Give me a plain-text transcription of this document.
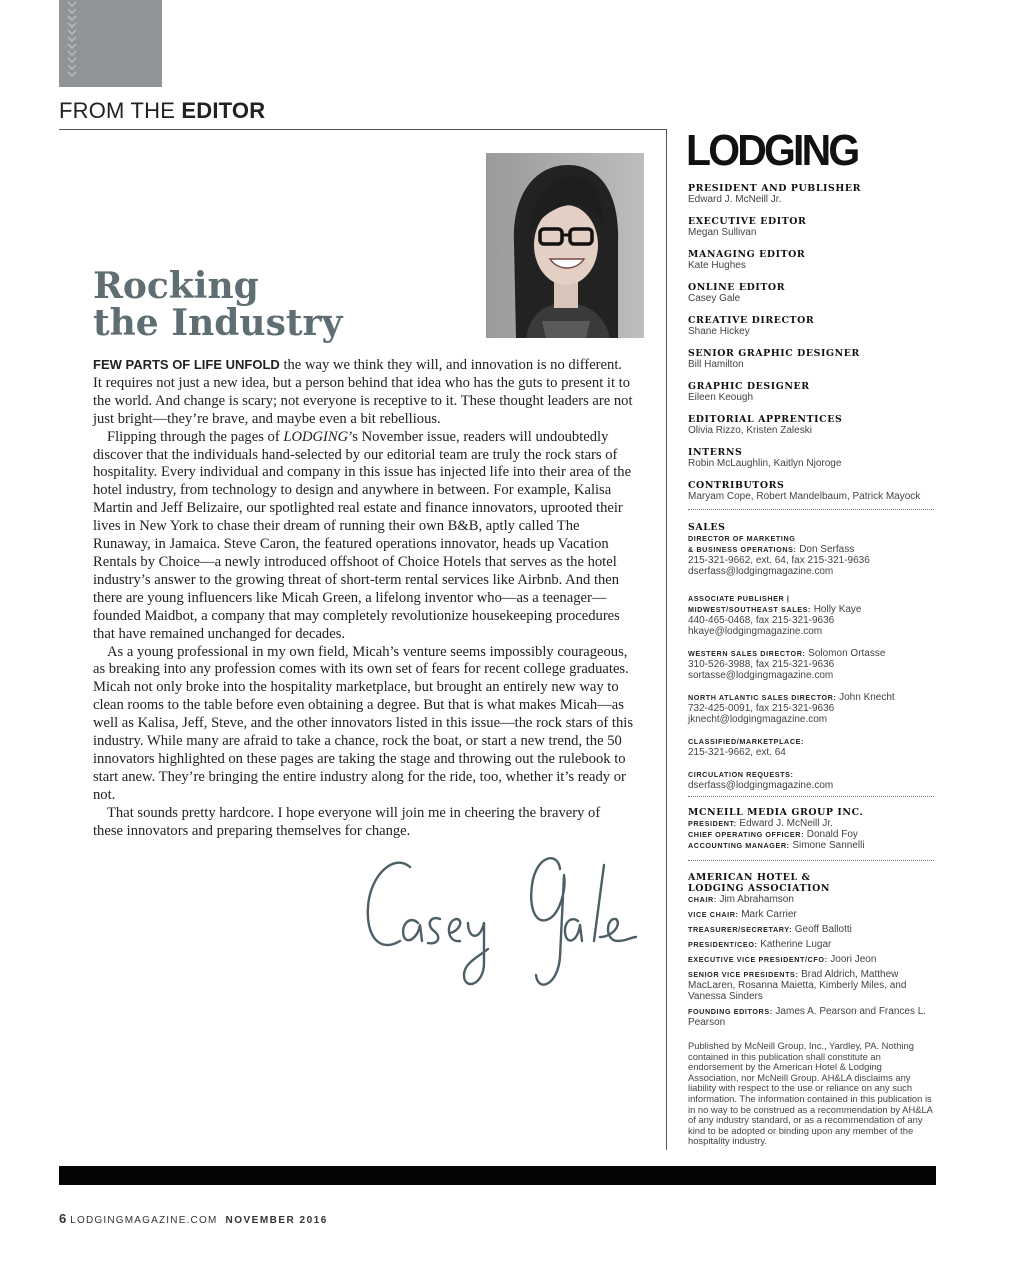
FROM THE EDITOR
Rocking
the Industry

FEW PARTS OF LIFE UNFOLD the way we think they will, and innovation is no different. It requires not just a new idea, but a person behind that idea who has the guts to present it to the world. And change is scary; not everyone is receptive to it. These thought leaders are not just bright—they’re brave, and maybe even a bit rebellious.

Flipping through the pages of LODGING’s November issue, readers will undoubtedly discover that the individuals hand-selected by our editorial team are truly the rock stars of hospitality. Every individual and company in this issue has injected life into their area of the hotel industry, from technology to design and anywhere in between. For example, Kalisa Martin and Jeff Belizaire, our spotlighted real estate and finance innovators, uprooted their lives in New York to chase their dream of running their own B&B, aptly called The Runaway, in Jamaica. Steve Caron, the featured operations innovator, heads up Vacation Rentals by Choice—a newly introduced offshoot of Choice Hotels that serves as the hotel industry’s answer to the growing threat of short-term rental services like Airbnb. And then there are young influencers like Micah Green, a lifelong inventor who—as a teenager—founded Maidbot, a company that may completely revolutionize housekeeping procedures that have remained unchanged for decades.

As a young professional in my own field, Micah’s venture seems impossibly courageous, as breaking into any profession comes with its own set of fears for recent college graduates. Micah not only broke into the hospitality marketplace, but brought an entirely new way to clean rooms to the table before even obtaining a degree. But that is what makes Micah—as well as Kalisa, Jeff, Steve, and the other innovators listed in this issue—the rock stars of this industry. While many are afraid to take a chance, rock the boat, or start a new trend, the 50 innovators highlighted on these pages are taking the stage and throwing out the rulebook to start anew. They’re bringing the entire industry along for the ride, too, whether it’s ready or not.

That sounds pretty hardcore. I hope everyone will join me in cheering the bravery of these innovators and preparing themselves for change.

LODGING
PRESIDENT AND PUBLISHER
Edward J. McNeill Jr.
EXECUTIVE EDITOR
Megan Sullivan
MANAGING EDITOR
Kate Hughes
ONLINE EDITOR
Casey Gale
CREATIVE DIRECTOR
Shane Hickey
SENIOR GRAPHIC DESIGNER
Bill Hamilton
GRAPHIC DESIGNER
Eileen Keough
EDITORIAL APPRENTICES
Olivia Rizzo, Kristen Zaleski
INTERNS
Robin McLaughlin, Kaitlyn Njoroge
CONTRIBUTORS
Maryam Cope, Robert Mandelbaum, Patrick Mayock
SALES
DIRECTOR OF MARKETING
& BUSINESS OPERATIONS: Don Serfass
215-321-9662, ext. 64, fax 215-321-9636
dserfass@lodgingmagazine.com
ASSOCIATE PUBLISHER |
MIDWEST/SOUTHEAST SALES: Holly Kaye
440-465-0468, fax 215-321-9636
hkaye@lodgingmagazine.com
WESTERN SALES DIRECTOR: Solomon Ortasse
310-526-3988, fax 215-321-9636
sortasse@lodgingmagazine.com
NORTH ATLANTIC SALES DIRECTOR: John Knecht
732-425-0091, fax 215-321-9636
jknecht@lodgingmagazine.com
CLASSIFIED/MARKETPLACE:
215-321-9662, ext. 64
CIRCULATION REQUESTS:
dserfass@lodgingmagazine.com
MCNEILL MEDIA GROUP INC.
PRESIDENT: Edward J. McNeill Jr.
CHIEF OPERATING OFFICER: Donald Foy
ACCOUNTING MANAGER: Simone Sannelli
AMERICAN HOTEL &
LODGING ASSOCIATION
CHAIR: Jim Abrahamson
VICE CHAIR: Mark Carrier
TREASURER/SECRETARY: Geoff Ballotti
PRESIDENT/CEO: Katherine Lugar
EXECUTIVE VICE PRESIDENT/CFO: Joori Jeon
SENIOR VICE PRESIDENTS: Brad Aldrich, Matthew MacLaren, Rosanna Maietta, Kimberly Miles, and Vanessa Sinders
FOUNDING EDITORS: James A. Pearson and Frances L. Pearson
Published by McNeill Group, Inc., Yardley, PA. Nothing contained in this publication shall constitute an endorsement by the American Hotel & Lodging Association, nor McNeill Group. AH&LA disclaims any liability with respect to the use or reliance on any such information. The information contained in this publication is in no way to be construed as a recommendation by AH&LA of any industry standard, or as a recommendation of any kind to be adopted or binding upon any member of the hospitality industry.
6 LODGINGMAGAZINE.COM NOVEMBER 2016
